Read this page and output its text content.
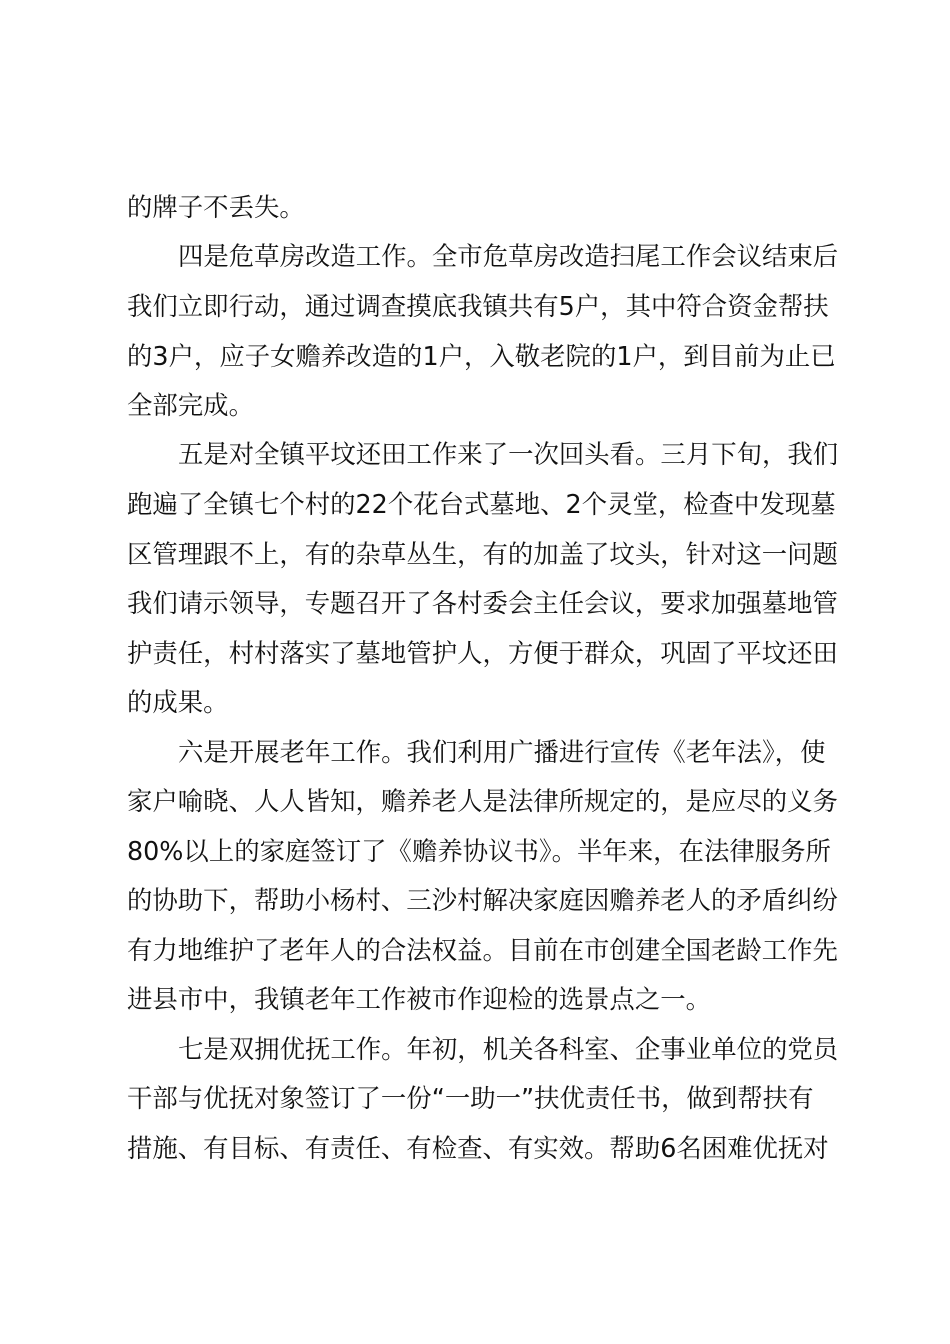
的牌子不丢失。
四是危草房改造工作。全市危草房改造扫尾工作会议结束后
我们立即行动，通过调查摸底我镇共有5户，其中符合资金帮扶
的3户，应子女赡养改造的1户，入敬老院的1户，到目前为止已
全部完成。
五是对全镇平坟还田工作来了一次回头看。三月下旬，我们
跑遍了全镇七个村的22个花台式墓地、2个灵堂，检查中发现墓
区管理跟不上，有的杂草丛生，有的加盖了坟头，针对这一问题
我们请示领导，专题召开了各村委会主任会议，要求加强墓地管
护责任，村村落实了墓地管护人，方便于群众，巩固了平坟还田
的成果。
六是开展老年工作。我们利用广播进行宣传《老年法》，使
家户喻晓、人人皆知，赡养老人是法律所规定的，是应尽的义务
80%以上的家庭签订了《赡养协议书》。半年来，在法律服务所
的协助下，帮助小杨村、三沙村解决家庭因赡养老人的矛盾纠纷
有力地维护了老年人的合法权益。目前在市创建全国老龄工作先
进县市中，我镇老年工作被市作迎检的选景点之一。
七是双拥优抚工作。年初，机关各科室、企事业单位的党员
干部与优抚对象签订了一份“一助一”扶优责任书，做到帮扶有
措施、有目标、有责任、有检查、有实效。帮助6名困难优抚对
